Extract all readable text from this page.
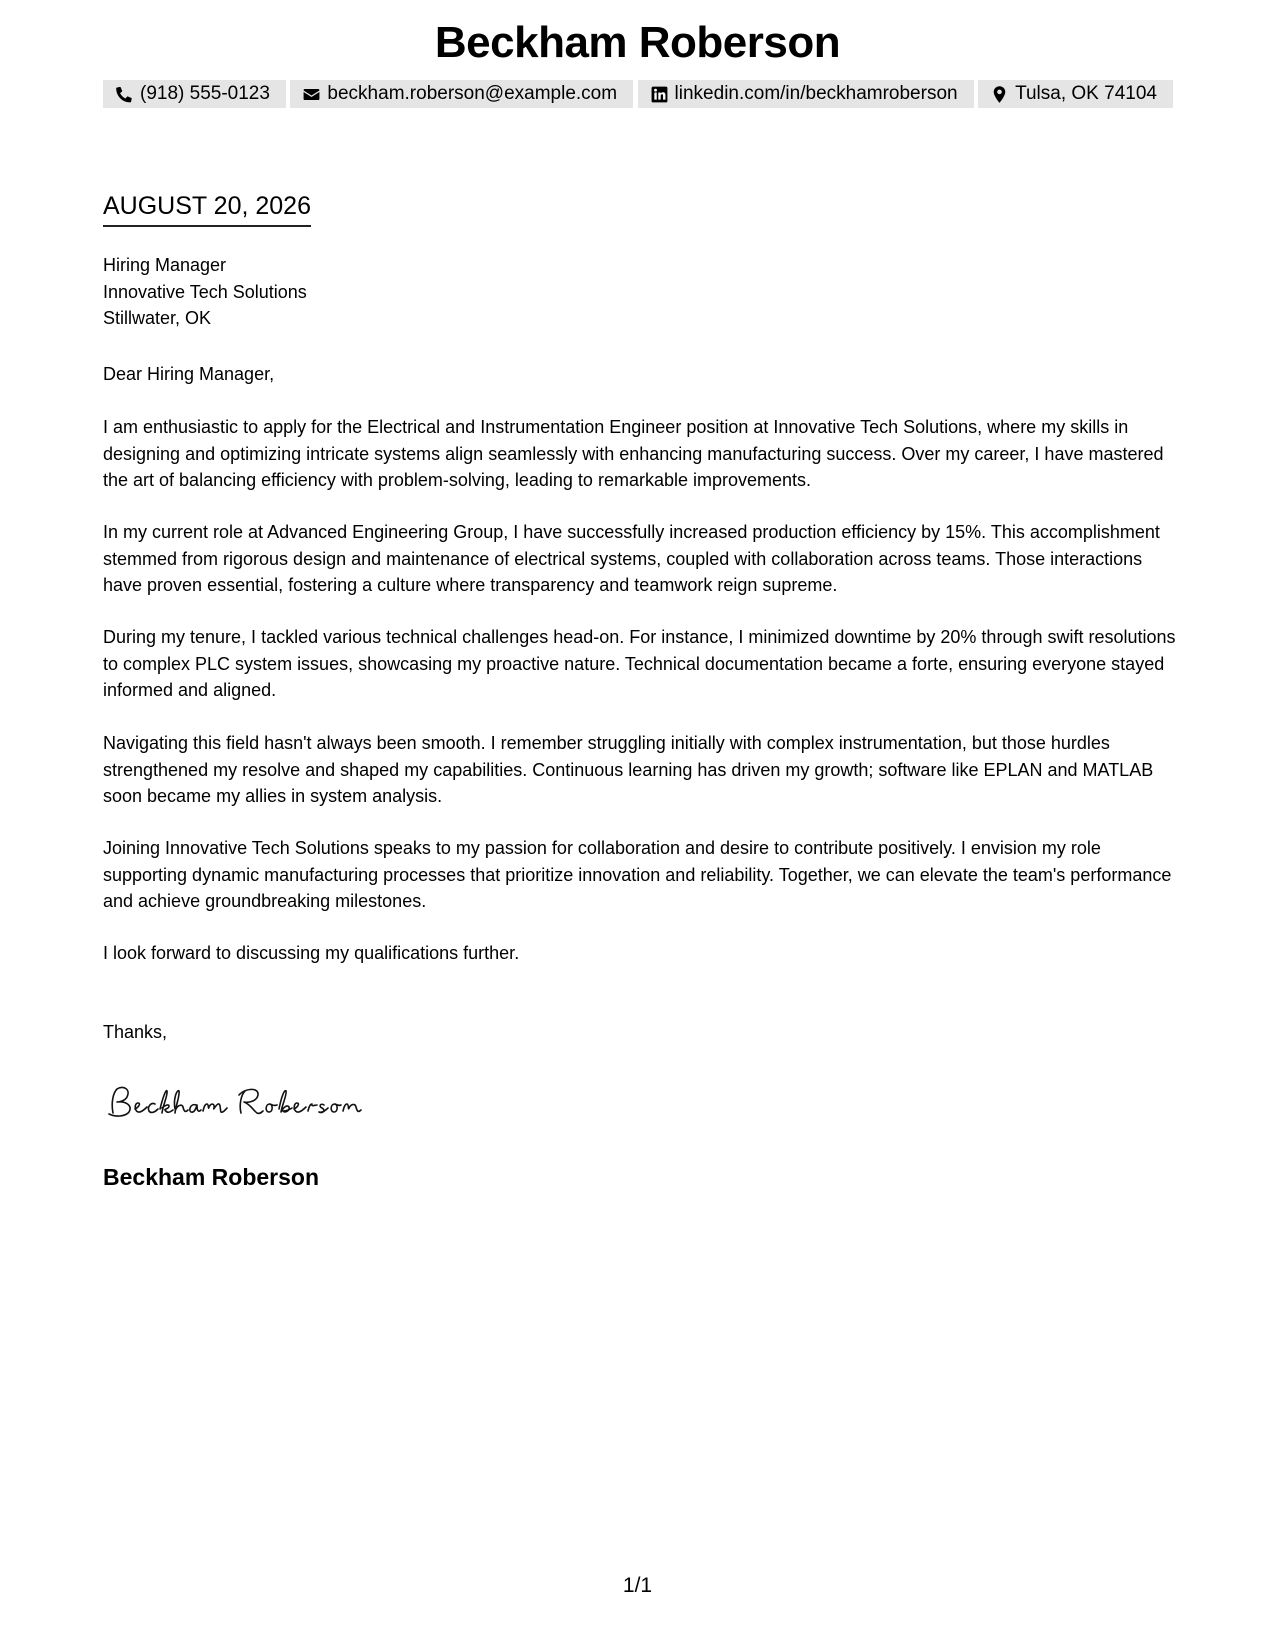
Beckham Roberson
(918) 555-0123	beckham.roberson@example.com	linkedin.com/in/beckhamroberson	Tulsa, OK 74104
AUGUST 20, 2026

Hiring Manager

Innovative Tech Solutions

Stillwater, OK

Dear Hiring Manager,
I am enthusiastic to apply for the Electrical and Instrumentation Engineer position at Innovative Tech Solutions, where my skills in designing and optimizing intricate systems align seamlessly with enhancing manufacturing success. Over my career, I have mastered the art of balancing efficiency with problem-solving, leading to remarkable improvements.
In my current role at Advanced Engineering Group, I have successfully increased production efficiency by 15%. This accomplishment stemmed from rigorous design and maintenance of electrical systems, coupled with collaboration across teams. Those interactions have proven essential, fostering a culture where transparency and teamwork reign supreme.
During my tenure, I tackled various technical challenges head-on. For instance, I minimized downtime by 20% through swift resolutions to complex PLC system issues, showcasing my proactive nature. Technical documentation became a forte, ensuring everyone stayed informed and aligned.
Navigating this field hasn't always been smooth. I remember struggling initially with complex instrumentation, but those hurdles strengthened my resolve and shaped my capabilities. Continuous learning has driven my growth; software like EPLAN and MATLAB soon became my allies in system analysis.
Joining Innovative Tech Solutions speaks to my passion for collaboration and desire to contribute positively. I envision my role supporting dynamic manufacturing processes that prioritize innovation and reliability. Together, we can elevate the team's performance and achieve groundbreaking milestones.
I look forward to discussing my qualifications further.
Thanks,
Beckham Roberson
1/1
